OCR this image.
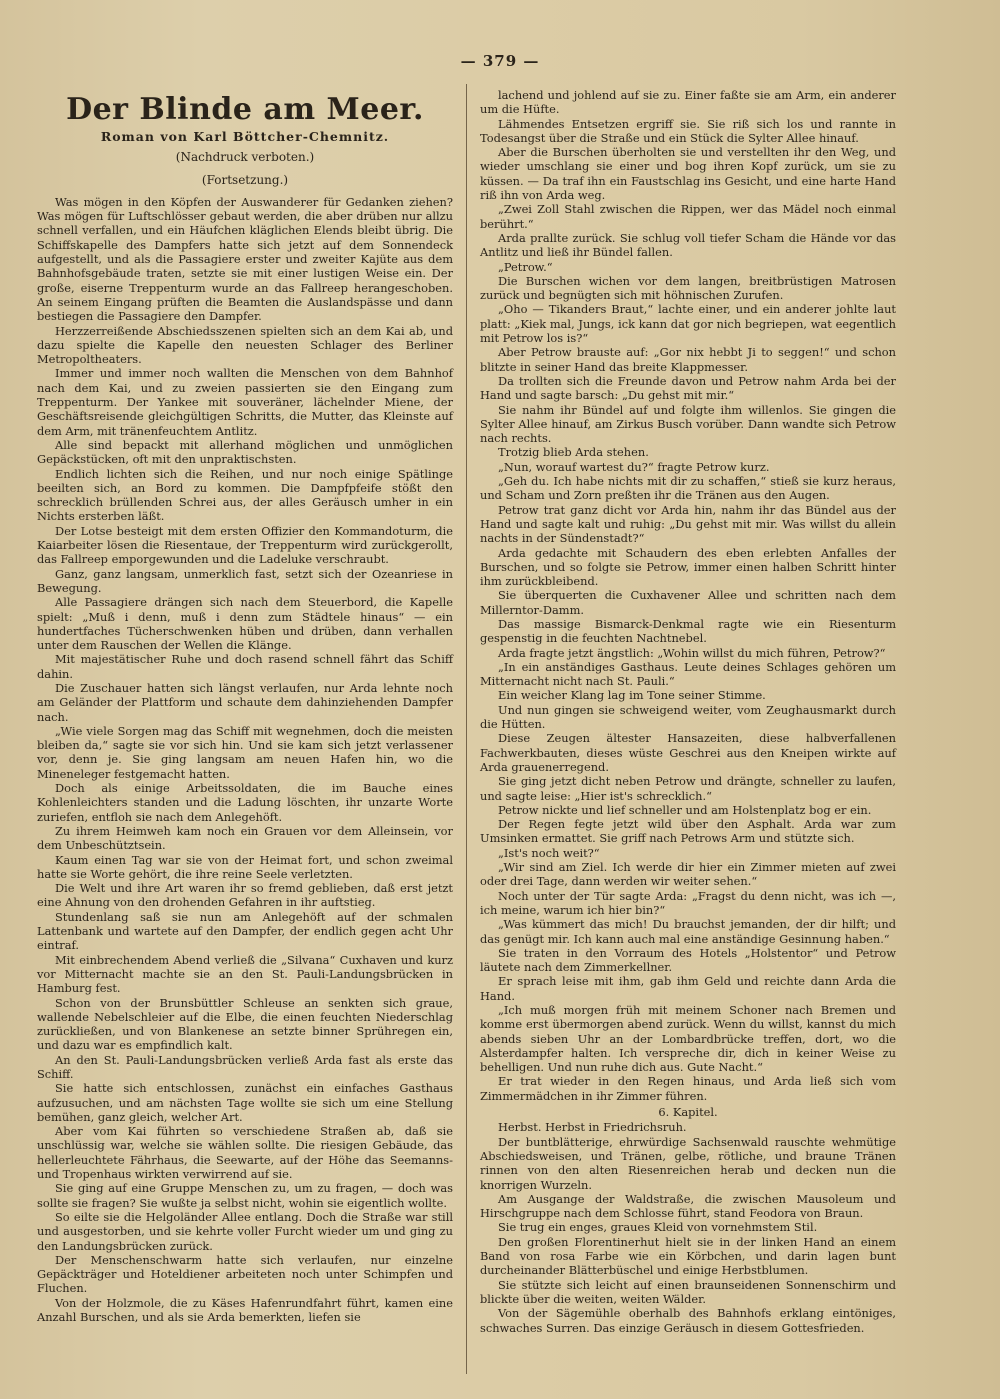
— 379 —
Der Blinde am Meer.
Roman von Karl Böttcher-Chemnitz.
(Nachdruck verboten.)
(Fortsetzung.)

Was mögen in den Köpfen der Auswanderer für Gedanken ziehen? Was mögen für Luftschlösser gebaut werden, die aber drüben nur allzu schnell verfallen, und ein Häufchen kläglichen Elends bleibt übrig. Die Schiffskapelle des Dampfers hatte sich jetzt auf dem Sonnendeck aufgestellt, und als die Passagiere erster und zweiter Kajüte aus dem Bahnhofsgebäude traten, setzte sie mit einer lustigen Weise ein. Der große, eiserne Treppenturm wurde an das Fallreep herangeschoben. An seinem Eingang prüften die Beamten die Auslandspässe und dann bestiegen die Passagiere den Dampfer.

Herzzerreißende Abschiedsszenen spielten sich an dem Kai ab, und dazu spielte die Kapelle den neuesten Schlager des Berliner Metropoltheaters.

Immer und immer noch wallten die Menschen von dem Bahnhof nach dem Kai, und zu zweien passierten sie den Eingang zum Treppenturm. Der Yankee mit souveräner, lächelnder Miene, der Geschäftsreisende gleichgültigen Schritts, die Mutter, das Kleinste auf dem Arm, mit tränenfeuchtem Antlitz.

Alle sind bepackt mit allerhand möglichen und unmöglichen Gepäckstücken, oft mit den unpraktischsten.

Endlich lichten sich die Reihen, und nur noch einige Spätlinge beeilten sich, an Bord zu kommen. Die Dampfpfeife stößt den schrecklich brüllenden Schrei aus, der alles Geräusch umher in ein Nichts ersterben läßt.

Der Lotse besteigt mit dem ersten Offizier den Kommandoturm, die Kaiarbeiter lösen die Riesentaue, der Treppenturm wird zurückgerollt, das Fallreep emporgewunden und die Ladeluke verschraubt.

Ganz, ganz langsam, unmerklich fast, setzt sich der Ozeanriese in Bewegung.

Alle Passagiere drängen sich nach dem Steuerbord, die Kapelle spielt: „Muß i denn, muß i denn zum Städtele hinaus“ — ein hundertfaches Tücherschwenken hüben und drüben, dann verhallen unter dem Rauschen der Wellen die Klänge.

Mit majestätischer Ruhe und doch rasend schnell fährt das Schiff dahin.

Die Zuschauer hatten sich längst verlaufen, nur Arda lehnte noch am Geländer der Plattform und schaute dem dahinziehenden Dampfer nach.

„Wie viele Sorgen mag das Schiff mit wegnehmen, doch die meisten bleiben da,“ sagte sie vor sich hin. Und sie kam sich jetzt verlassener vor, denn je. Sie ging langsam am neuen Hafen hin, wo die Mineneleger festgemacht hatten.

Doch als einige Arbeitssoldaten, die im Bauche eines Kohlenleichters standen und die Ladung löschten, ihr unzarte Worte zuriefen, entfloh sie nach dem Anlegehöft.

Zu ihrem Heimweh kam noch ein Grauen vor dem Alleinsein, vor dem Unbeschütztsein.

Kaum einen Tag war sie von der Heimat fort, und schon zweimal hatte sie Worte gehört, die ihre reine Seele verletzten.

Die Welt und ihre Art waren ihr so fremd geblieben, daß erst jetzt eine Ahnung von den drohenden Gefahren in ihr auftstieg.

Stundenlang saß sie nun am Anlegehöft auf der schmalen Lattenbank und wartete auf den Dampfer, der endlich gegen acht Uhr eintraf.

Mit einbrechendem Abend verließ die „Silvana“ Cuxhaven und kurz vor Mitternacht machte sie an den St. Pauli-Landungsbrücken in Hamburg fest.

Schon von der Brunsbüttler Schleuse an senkten sich graue, wallende Nebelschleier auf die Elbe, die einen feuchten Niederschlag zurückließen, und von Blankenese an setzte binner Sprühregen ein, und dazu war es empfindlich kalt.

An den St. Pauli-Landungsbrücken verließ Arda fast als erste das Schiff.

Sie hatte sich entschlossen, zunächst ein einfaches Gasthaus aufzusuchen, und am nächsten Tage wollte sie sich um eine Stellung bemühen, ganz gleich, welcher Art.

Aber vom Kai führten so verschiedene Straßen ab, daß sie unschlüssig war, welche sie wählen sollte. Die riesigen Gebäude, das hellerleuchtete Fährhaus, die Seewarte, auf der Höhe das Seemanns- und Tropenhaus wirkten verwirrend auf sie.

Sie ging auf eine Gruppe Menschen zu, um zu fragen, — doch was sollte sie fragen? Sie wußte ja selbst nicht, wohin sie eigentlich wollte.

So eilte sie die Helgoländer Allee entlang. Doch die Straße war still und ausgestorben, und sie kehrte voller Furcht wieder um und ging zu den Landungsbrücken zurück.

Der Menschenschwarm hatte sich verlaufen, nur einzelne Gepäckträger und Hoteldiener arbeiteten noch unter Schimpfen und Fluchen.

Von der Holzmole, die zu Käses Hafenrundfahrt führt, kamen eine Anzahl Burschen, und als sie Arda bemerkten, liefen sie

lachend und johlend auf sie zu. Einer faßte sie am Arm, ein anderer um die Hüfte.

Lähmendes Entsetzen ergriff sie. Sie riß sich los und rannte in Todesangst über die Straße und ein Stück die Sylter Allee hinauf.

Aber die Burschen überholten sie und verstellten ihr den Weg, und wieder umschlang sie einer und bog ihren Kopf zurück, um sie zu küssen. — Da traf ihn ein Faustschlag ins Gesicht, und eine harte Hand riß ihn von Arda weg.

„Zwei Zoll Stahl zwischen die Rippen, wer das Mädel noch einmal berührt.“

Arda prallte zurück. Sie schlug voll tiefer Scham die Hände vor das Antlitz und ließ ihr Bündel fallen.

„Petrow.“

Die Burschen wichen vor dem langen, breitbrüstigen Matrosen zurück und begnügten sich mit höhnischen Zurufen.

„Oho — Tikanders Braut,“ lachte einer, und ein anderer johlte laut platt: „Kiek mal, Jungs, ick kann dat gor nich begriepen, wat eegentlich mit Petrow los is?“

Aber Petrow brauste auf: „Gor nix hebbt Ji to seggen!“ und schon blitzte in seiner Hand das breite Klappmesser.

Da trollten sich die Freunde davon und Petrow nahm Arda bei der Hand und sagte barsch: „Du gehst mit mir.“

Sie nahm ihr Bündel auf und folgte ihm willenlos. Sie gingen die Sylter Allee hinauf, am Zirkus Busch vorüber. Dann wandte sich Petrow nach rechts.

Trotzig blieb Arda stehen.

„Nun, worauf wartest du?“ fragte Petrow kurz.

„Geh du. Ich habe nichts mit dir zu schaffen,“ stieß sie kurz heraus, und Scham und Zorn preßten ihr die Tränen aus den Augen.

Petrow trat ganz dicht vor Arda hin, nahm ihr das Bündel aus der Hand und sagte kalt und ruhig: „Du gehst mit mir. Was willst du allein nachts in der Sündenstadt?“

Arda gedachte mit Schaudern des eben erlebten Anfalles der Burschen, und so folgte sie Petrow, immer einen halben Schritt hinter ihm zurückbleibend.

Sie überquerten die Cuxhavener Allee und schritten nach dem Millerntor-Damm.

Das massige Bismarck-Denkmal ragte wie ein Riesenturm gespenstig in die feuchten Nachtnebel.

Arda fragte jetzt ängstlich: „Wohin willst du mich führen, Petrow?“

„In ein anständiges Gasthaus. Leute deines Schlages gehören um Mitternacht nicht nach St. Pauli.“

Ein weicher Klang lag im Tone seiner Stimme.

Und nun gingen sie schweigend weiter, vom Zeughausmarkt durch die Hütten.

Diese Zeugen ältester Hansazeiten, diese halbverfallenen Fachwerkbauten, dieses wüste Geschrei aus den Kneipen wirkte auf Arda grauenerregend.

Sie ging jetzt dicht neben Petrow und drängte, schneller zu laufen, und sagte leise: „Hier ist's schrecklich.“

Petrow nickte und lief schneller und am Holstenplatz bog er ein.

Der Regen fegte jetzt wild über den Asphalt. Arda war zum Umsinken ermattet. Sie griff nach Petrows Arm und stützte sich.

„Ist's noch weit?“

„Wir sind am Ziel. Ich werde dir hier ein Zimmer mieten auf zwei oder drei Tage, dann werden wir weiter sehen.“

Noch unter der Tür sagte Arda: „Fragst du denn nicht, was ich —, ich meine, warum ich hier bin?“

„Was kümmert das mich! Du brauchst jemanden, der dir hilft; und das genügt mir. Ich kann auch mal eine anständige Gesinnung haben.“

Sie traten in den Vorraum des Hotels „Holstentor“ und Petrow läutete nach dem Zimmerkellner.

Er sprach leise mit ihm, gab ihm Geld und reichte dann Arda die Hand.

„Ich muß morgen früh mit meinem Schoner nach Bremen und komme erst übermorgen abend zurück. Wenn du willst, kannst du mich abends sieben Uhr an der Lombardbrücke treffen, dort, wo die Alsterdampfer halten. Ich verspreche dir, dich in keiner Weise zu behelligen. Und nun ruhe dich aus. Gute Nacht.“

Er trat wieder in den Regen hinaus, und Arda ließ sich vom Zimmermädchen in ihr Zimmer führen.

6. Kapitel.

Herbst. Herbst in Friedrichsruh.

Der buntblätterige, ehrwürdige Sachsenwald rauschte wehmütige Abschiedsweisen, und Tränen, gelbe, rötliche, und braune Tränen rinnen von den alten Riesenreichen herab und decken nun die knorrigen Wurzeln.

Am Ausgange der Waldstraße, die zwischen Mausoleum und Hirschgruppe nach dem Schlosse führt, stand Feodora von Braun.

Sie trug ein enges, graues Kleid von vornehmstem Stil.

Den großen Florentinerhut hielt sie in der linken Hand an einem Band von rosa Farbe wie ein Körbchen, und darin lagen bunt durcheinander Blätterbüschel und einige Herbstblumen.

Sie stützte sich leicht auf einen braunseidenen Sonnenschirm und blickte über die weiten, weiten Wälder.

Von der Sägemühle oberhalb des Bahnhofs erklang eintöniges, schwaches Surren. Das einzige Geräusch in diesem Gottesfrieden.
